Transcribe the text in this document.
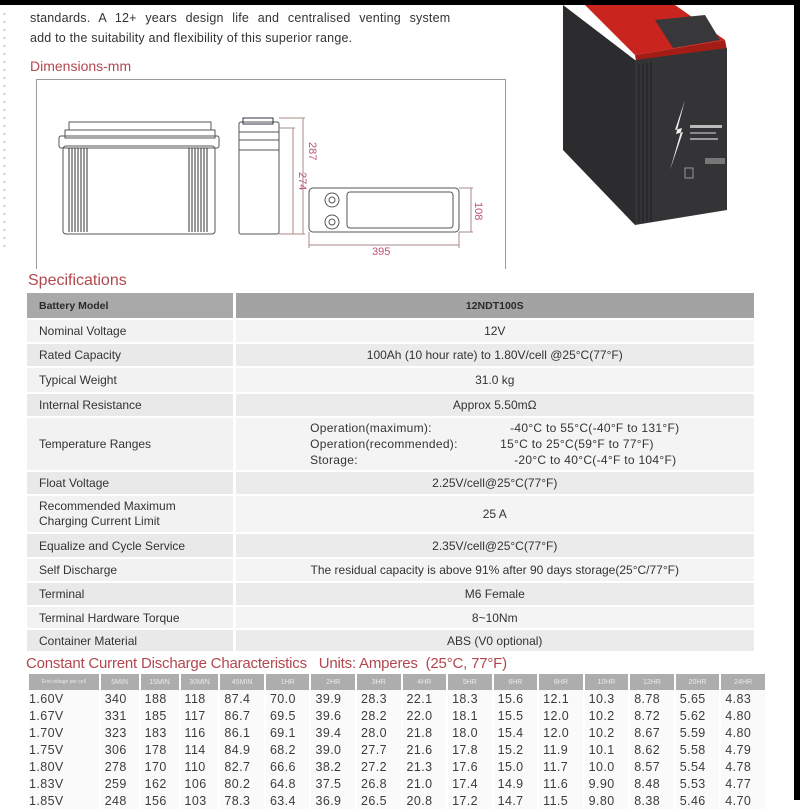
standards. A 12+ years design life and centralised venting system
add to the suitability and flexibility of this superior range.
Dimensions-mm
287
274
108
395
Specifications
Battery Model	12NDT100S
Nominal Voltage	12V
Rated Capacity	100Ah (10 hour rate) to 1.80V/cell @25°C(77°F)
Typical Weight	31.0 kg
Internal Resistance	Approx 5.50mΩ
Temperature Ranges	
Operation(maximum):	-40°C to 55°C(-40°F to 131°F)
Operation(recommended):	15°C to 25°C(59°F to 77°F)
Storage:	-20°C to 40°C(-4°F to 104°F)

Float Voltage	2.25V/cell@25°C(77°F)
Recommended Maximum Charging Current Limit	25 A
Equalize and Cycle Service	2.35V/cell@25°C(77°F)
Self Discharge	The residual capacity is above 91% after 90 days storage(25°C/77°F)
Terminal	M6 Female
Terminal Hardware Torque	8~10Nm
Container Material	ABS (V0 optional)
Constant Current Discharge Characteristics   Units: Amperes  (25°C, 77°F)
End voltage per cell	5MIN	15MIN	30MIN	45MIN	1HR	2HR	3HR	4HR	5HR	6HR	8HR	10HR	12HR	20HR	24HR
1.60V	340	188	118	87.4	70.0	39.9	28.3	22.1	18.3	15.6	12.1	10.3	8.78	5.65	4.83
1.67V	331	185	117	86.7	69.5	39.6	28.2	22.0	18.1	15.5	12.0	10.2	8.72	5.62	4.80
1.70V	323	183	116	86.1	69.1	39.4	28.0	21.8	18.0	15.4	12.0	10.2	8.67	5.59	4.80
1.75V	306	178	114	84.9	68.2	39.0	27.7	21.6	17.8	15.2	11.9	10.1	8.62	5.58	4.79
1.80V	278	170	110	82.7	66.6	38.2	27.2	21.3	17.6	15.0	11.7	10.0	8.57	5.54	4.78
1.83V	259	162	106	80.2	64.8	37.5	26.8	21.0	17.4	14.9	11.6	9.90	8.48	5.53	4.77
1.85V	248	156	103	78.3	63.4	36.9	26.5	20.8	17.2	14.7	11.5	9.80	8.38	5.46	4.70
